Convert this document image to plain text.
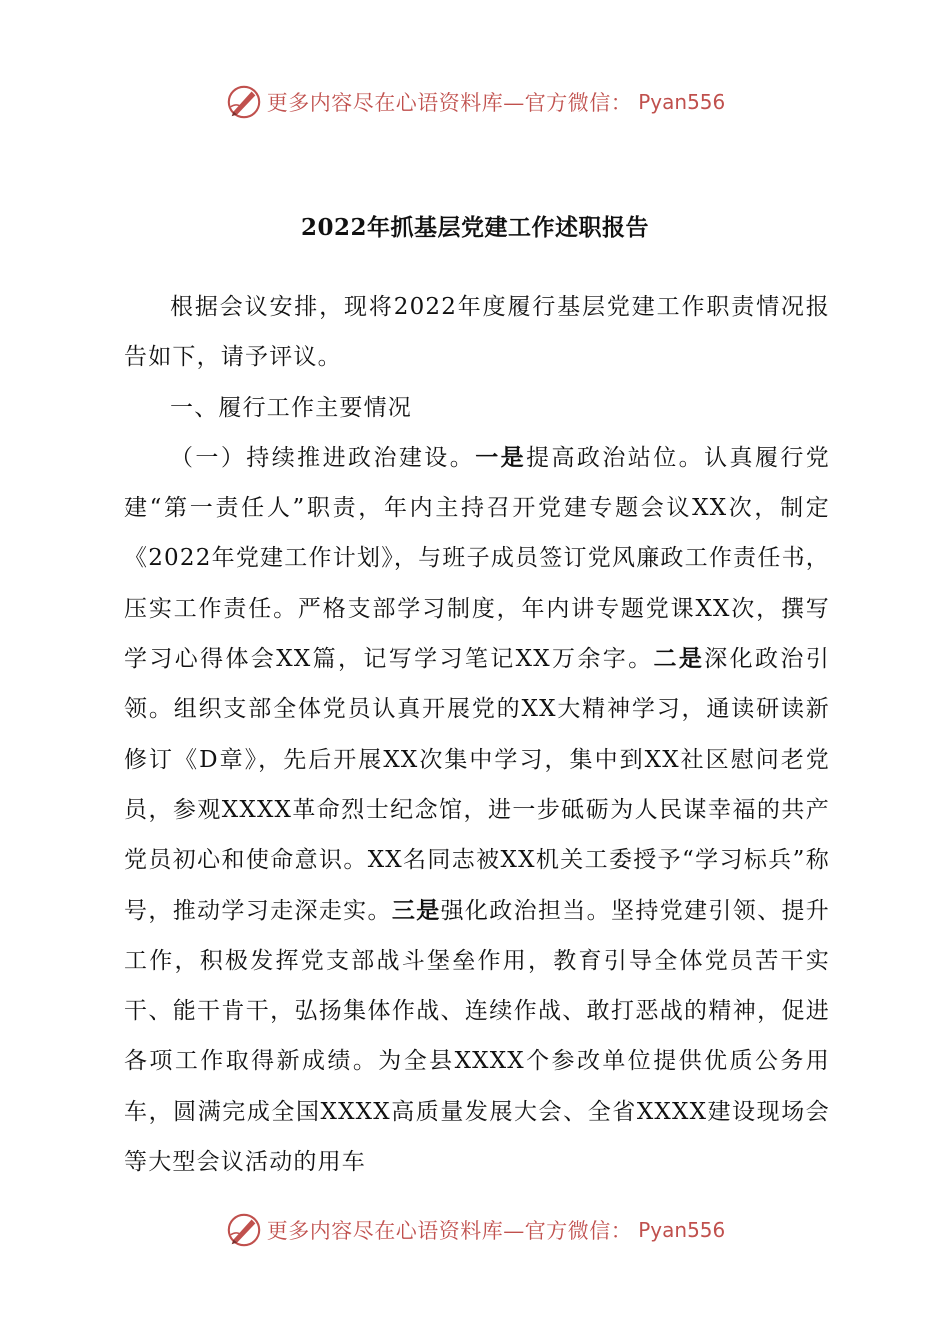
更多内容尽在心语资料库—官方微信： Pyan556
2022年抓基层党建工作述职报告

根据会议安排，现将2022年度履行基层党建工作职责情况报告如下，请予评议。

一、履行工作主要情况

（一）持续推进政治建设。一是提高政治站位。认真履行党建“第一责任人”职责，年内主持召开党建专题会议XX次，制定《2022年党建工作计划》，与班子成员签订党风廉政工作责任书，压实工作责任。严格支部学习制度，年内讲专题党课XX次，撰写学习心得体会XX篇，记写学习笔记XX万余字。二是深化政治引领。组织支部全体党员认真开展党的XX大精神学习，通读研读新修订《D章》，先后开展XX次集中学习，集中到XX社区慰问老党员，参观XXXX革命烈士纪念馆，进一步砥砺为人民谋幸福的共产党员初心和使命意识。XX名同志被XX机关工委授予“学习标兵”称号，推动学习走深走实。三是强化政治担当。坚持党建引领、提升工作，积极发挥党支部战斗堡垒作用，教育引导全体党员苦干实干、能干肯干，弘扬集体作战、连续作战、敢打恶战的精神，促进各项工作取得新成绩。为全县XXXX个参改单位提供优质公务用车，圆满完成全国XXXX高质量发展大会、全省XXXX建设现场会等大型会议活动的用车

更多内容尽在心语资料库—官方微信： Pyan556
